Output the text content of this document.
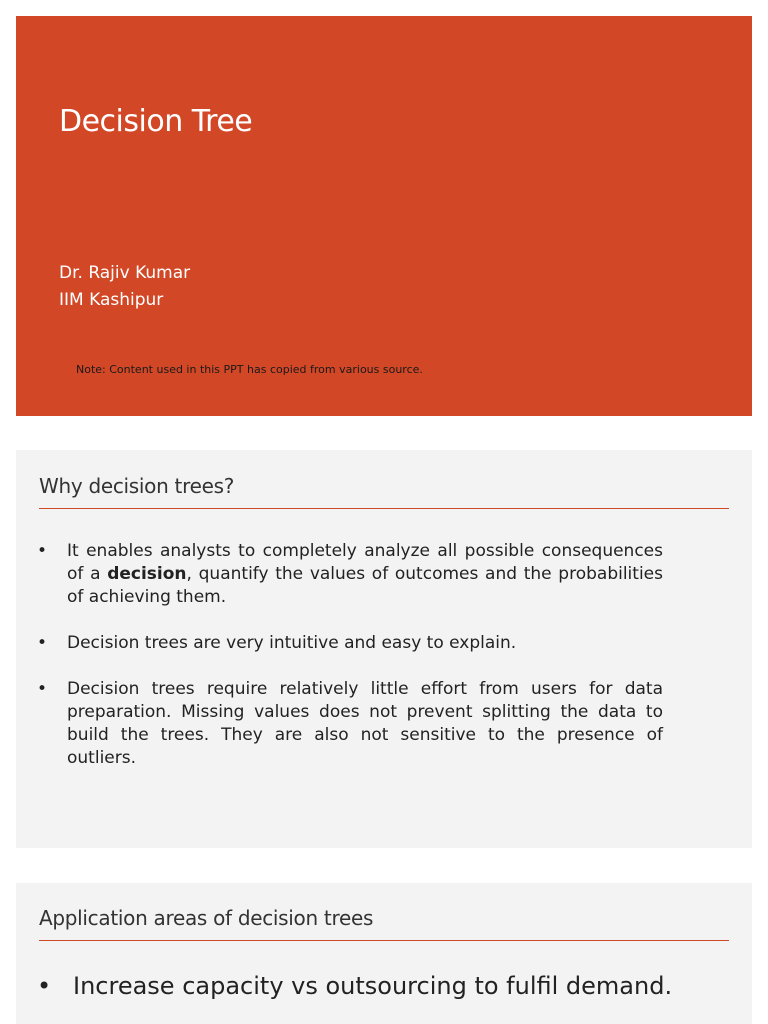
Decision Tree
Dr. Rajiv Kumar
IIM Kashipur
Note: Content used in this PPT has copied from various source.
Why decision trees?
•	It enables analysts to completely analyze all possible consequences of a decision, quantify the values of outcomes and the probabilities of achieving them.
•	Decision trees are very intuitive and easy to explain.
•	Decision trees require relatively little effort from users for data preparation. Missing values does not prevent splitting the data to build the trees. They are also not sensitive to the presence of outliers.
Application areas of decision trees
• Increase capacity vs outsourcing to fulfil demand.
